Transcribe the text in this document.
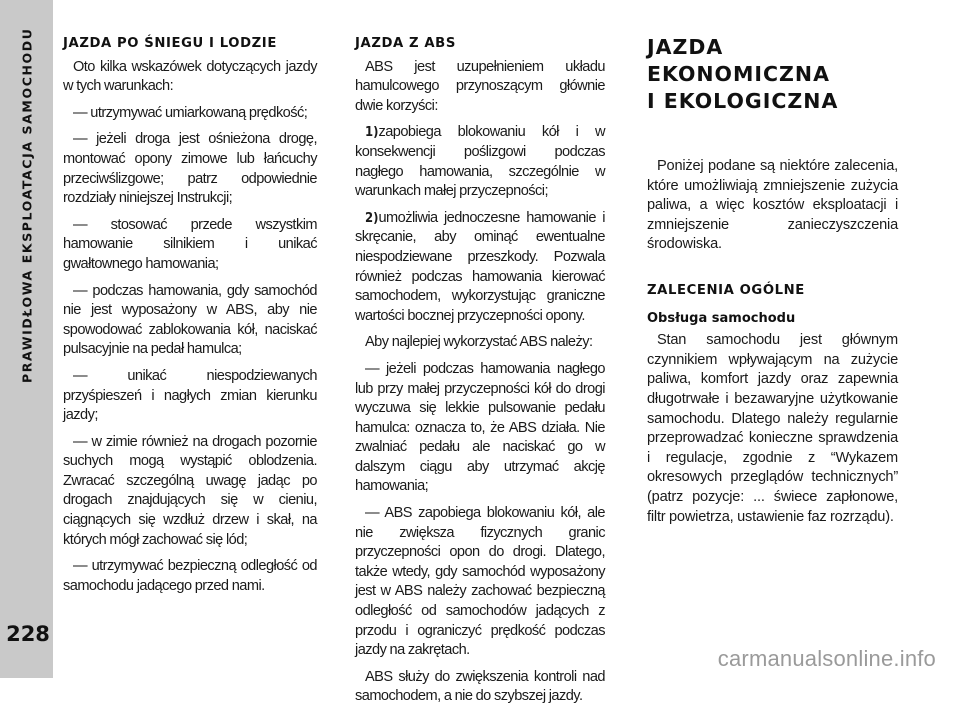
PRAWIDŁOWA EKSPLOATACJA SAMOCHODU
228
JAZDA PO ŚNIEGU I LODZIE

Oto kilka wskazówek dotyczących jazdy w tych warunkach:

— utrzymywać umiarkowaną prędkość;

— jeżeli droga jest ośnieżona drogę, montować opony zimowe lub łańcuchy przeciwślizgowe; patrz odpowiednie rozdziały niniejszej Instrukcji;

— stosować przede wszystkim hamowanie silnikiem i unikać gwałtownego hamowania;

— podczas hamowania, gdy samochód nie jest wyposażony w ABS, aby nie spowodować zablokowania kół, naciskać pulsacyjnie na pedał hamulca;

— unikać niespodziewanych przyśpieszeń i nagłych zmian kierunku jazdy;

— w zimie również na drogach pozornie suchych mogą wystąpić oblodzenia. Zwracać szczególną uwagę jadąc po drogach znajdujących się w cieniu, ciągnących się wzdłuż drzew i skał, na których mógł zachować się lód;

— utrzymywać bezpieczną odległość od samochodu jadącego przed nami.

JAZDA Z ABS

ABS jest uzupełnieniem układu hamulcowego przynoszącym głównie dwie korzyści:

1)zapobiega blokowaniu kół i w konsekwencji poślizgowi podczas nagłego hamowania, szczególnie w warunkach małej przyczepności;

2)umożliwia jednoczesne hamowanie i skręcanie, aby ominąć ewentualne niespodziewane przeszkody. Pozwala również podczas hamowania kierować samochodem, wykorzystując graniczne wartości bocznej przyczepności opony.

Aby najlepiej wykorzystać ABS należy:

— jeżeli podczas hamowania nagłego lub przy małej przyczepności kół do drogi wyczuwa się lekkie pulsowanie pedału hamulca: oznacza to, że ABS działa. Nie zwalniać pedału ale naciskać go w dalszym ciągu aby utrzymać akcję hamowania;

— ABS zapobiega blokowaniu kół, ale nie zwiększa fizycznych granic przyczepności opon do drogi. Dlatego, także wtedy, gdy samochód wyposażony jest w ABS należy zachować bezpieczną odległość od samochodów jadących z przodu i ograniczyć prędkość podczas jazdy na zakrętach.

ABS służy do zwiększenia kontroli nad samochodem, a nie do szybszej jazdy.

JAZDA
EKONOMICZNA
I EKOLOGICZNA

Poniżej podane są niektóre zalecenia, które umożliwiają zmniejszenie zużycia paliwa, a więc kosztów eksploatacji i zmniejszenie zanieczyszczenia środowiska.

ZALECENIA OGÓLNE
Obsługa samochodu

Stan samochodu jest głównym czynnikiem wpływającym na zużycie paliwa, komfort jazdy oraz zapewnia długotrwałe i bezawaryjne użytkowanie samochodu. Dlatego należy regularnie przeprowadzać konieczne sprawdzenia i regulacje, zgodnie z “Wykazem okresowych przeglądów technicznych” (patrz pozycje: ... świece zapłonowe, filtr powietrza, ustawienie faz rozrządu).

carmanualsonline.info
